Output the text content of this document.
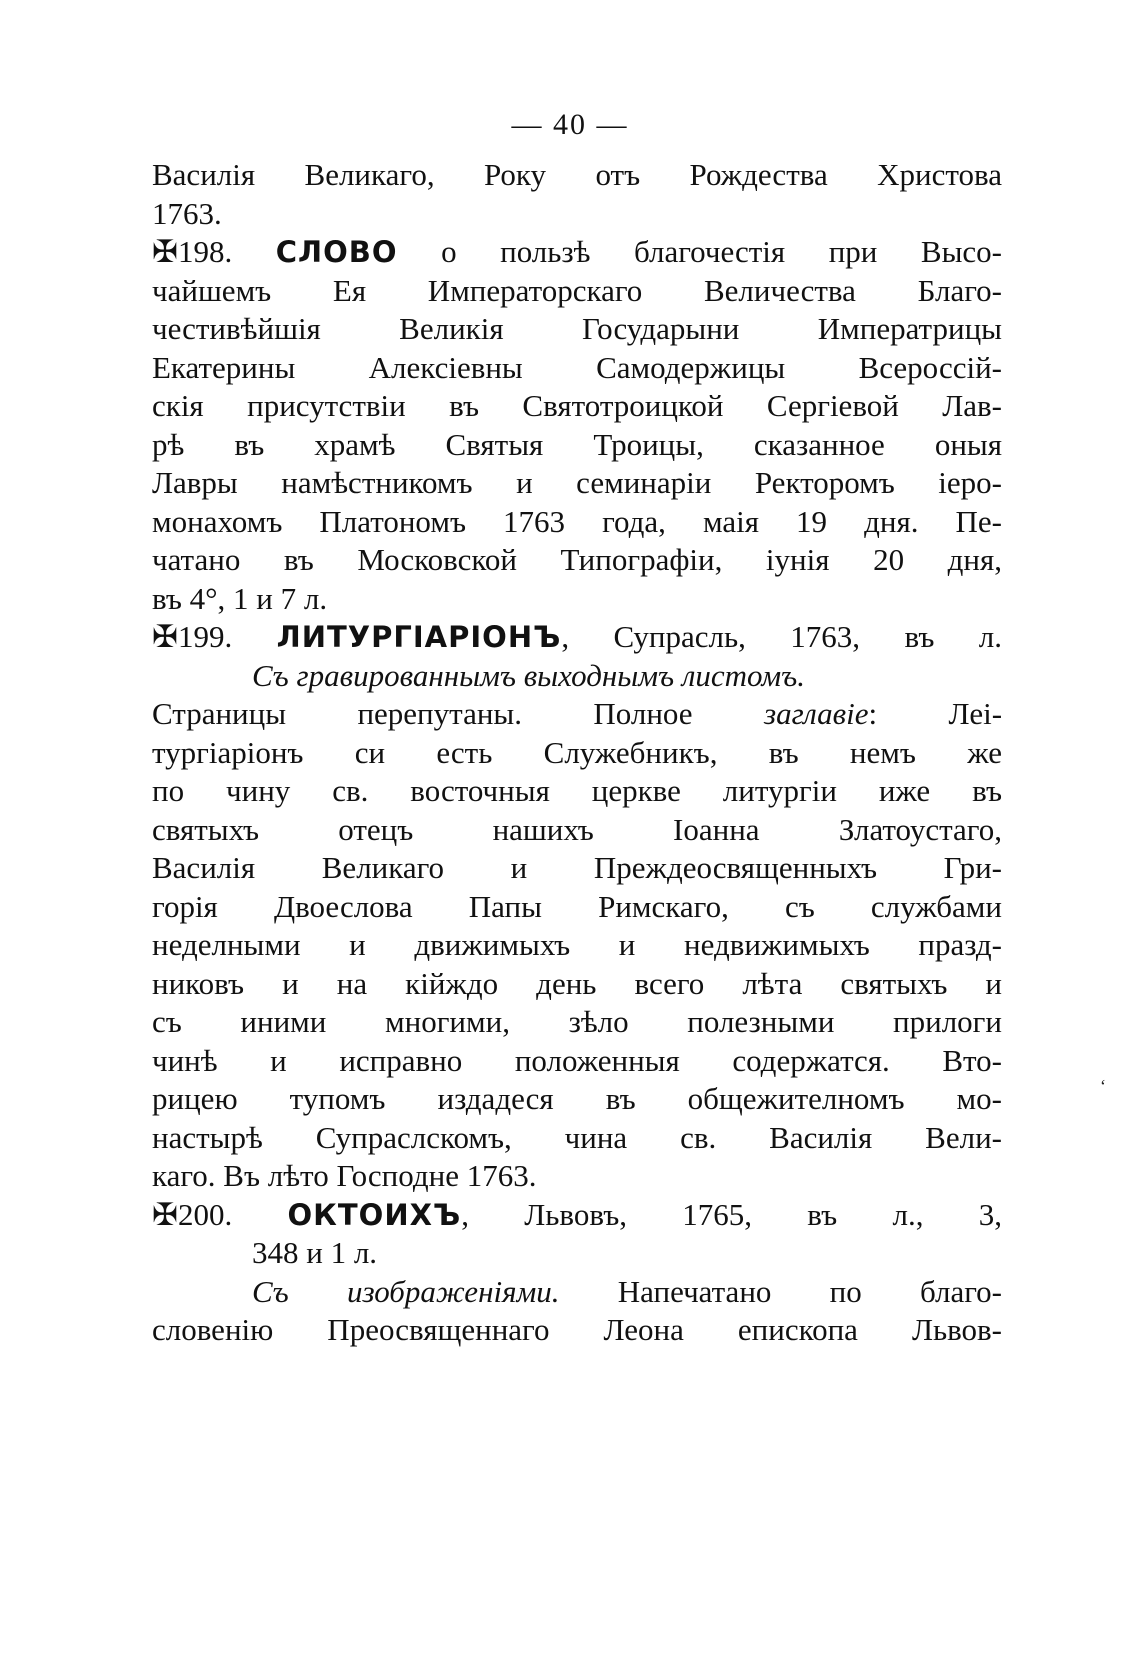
— 40 —
Василія Великаго, Року отъ Рождества Христова
1763.
✠198. СЛОВО о пользѣ благочестія при Высо-
чайшемъ Ея Императорскаго Величества Благо-
честивѣйшія Великія Государыни Императрицы
Екатерины Алексіевны Самодержицы Всероссій-
скія присутствіи въ Святотроицкой Сергіевой Лав-
рѣ въ храмѣ Святыя Троицы, сказанное оныя
Лавры намѣстникомъ и семинаріи Ректоромъ іеро-
монахомъ Платономъ 1763 года, маія 19 дня. Пе-
чатано въ Московской Типографіи, іунія 20 дня,
въ 4°, 1 и 7 л.
✠199. ЛИТУРГІАРІОНЪ, Супрасль, 1763, въ л.
Съ гравированнымъ выходнымъ листомъ.
Страницы перепутаны. Полное заглавіе: Леі-
тургіаріонъ си есть Служебникъ, въ немъ же
по чину св. восточныя церкве литургіи иже въ
святыхъ отецъ нашихъ Іоанна Златоустаго,
Василія Великаго и Преждеосвященныхъ Гри-
горія Двоеслова Папы Римскаго, съ службами
неделными и движимыхъ и недвижимыхъ празд-
никовъ и на кійждо день всего лѣта святыхъ и
съ иними многими, зѣло полезными прилоги
чинѣ и исправно положенныя содержатся. Вто-
рицею тупомъ издадеся въ общежителномъ мо-
настырѣ Супраслскомъ, чина св. Василія Вели-
каго. Въ лѣто Господне 1763.
✠200. ОКТОИХЪ, Львовъ, 1765, въ л., 3,
348 и 1 л.
Съ изображеніями. Напечатано по благо-
словенію Преосвященнаго Леона епископа Львов-
‘
